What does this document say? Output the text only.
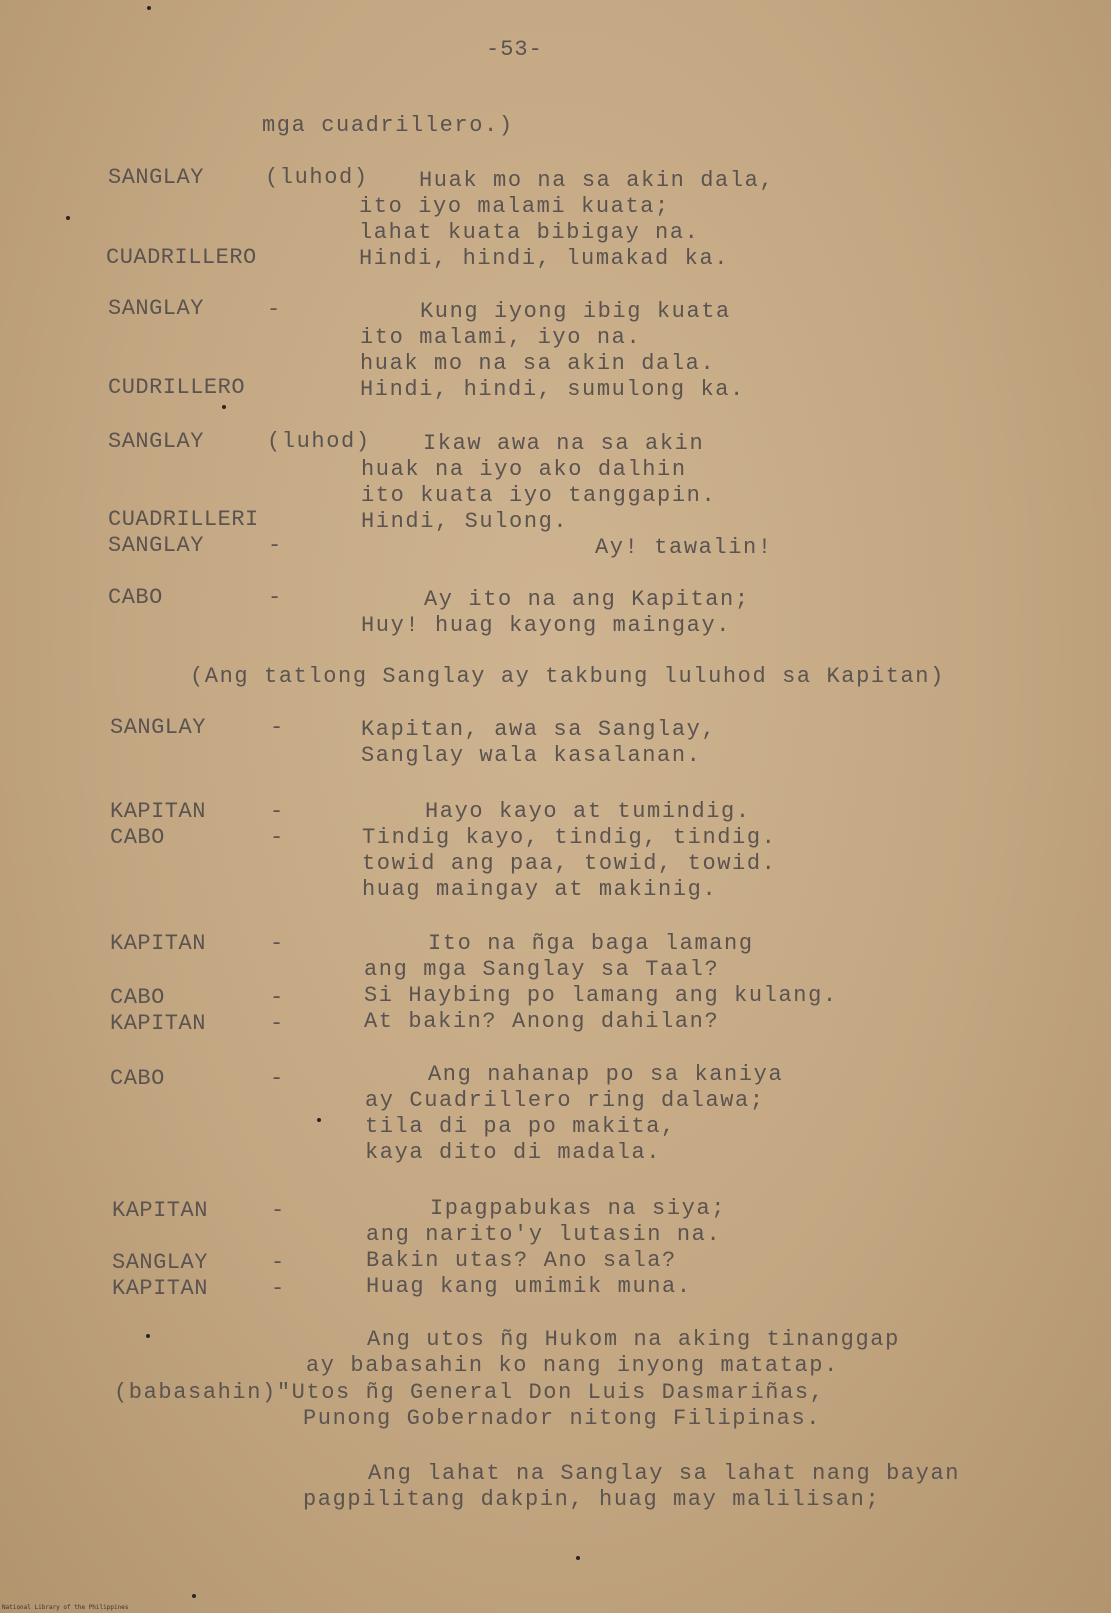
-53-
mga cuadrillero.)
SANGLAY	(luhod) Huak mo na sa akin dala,
ito iyo malami kuata;
lahat kuata bibigay na.
CUADRILLERO	Hindi, hindi, lumakad ka.
SANGLAY	-	Kung iyong ibig kuata
ito malami, iyo na.
huak mo na sa akin dala.
CUDRILLERO	Hindi, hindi, sumulong ka.
SANGLAY	(luhod) Ikaw awa na sa akin
huak na iyo ako dalhin
ito kuata iyo tanggapin.
CUADRILLERI	Hindi, Sulong.
SANGLAY	-	Ay! tawalin!
CABO	-	Ay ito na ang Kapitan;
Huy! huag kayong maingay.
(Ang tatlong Sanglay ay takbung luluhod sa Kapitan)
SANGLAY	-	Kapitan, awa sa Sanglay,
Sanglay wala kasalanan.
KAPITAN	-	Hayo kayo at tumindig.
CABO	-	Tindig kayo, tindig, tindig.
towid ang paa, towid, towid.
huag maingay at makinig.
KAPITAN	-	Ito na ñga baga lamang
ang mga Sanglay sa Taal?
CABO	-	Si Haybing po lamang ang kulang.
KAPITAN	-	At bakin? Anong dahilan?
CABO	-	Ang nahanap po sa kaniya
ay Cuadrillero ring dalawa;
tila di pa po makita,
kaya dito di madala.
KAPITAN	-	Ipagpabukas na siya;
ang narito'y lutasin na.
SANGLAY	-	Bakin utas? Ano sala?
KAPITAN	-	Huag kang umimik muna.
Ang utos ñg Hukom na aking tinanggap
ay babasahin ko nang inyong matatap.
(babasahin)"Utos ñg General Don Luis Dasmariñas,
Punong Gobernador nitong Filipinas.
Ang lahat na Sanglay sa lahat nang bayan
pagpilitang dakpin, huag may malilisan;
National Library of the Philippines
